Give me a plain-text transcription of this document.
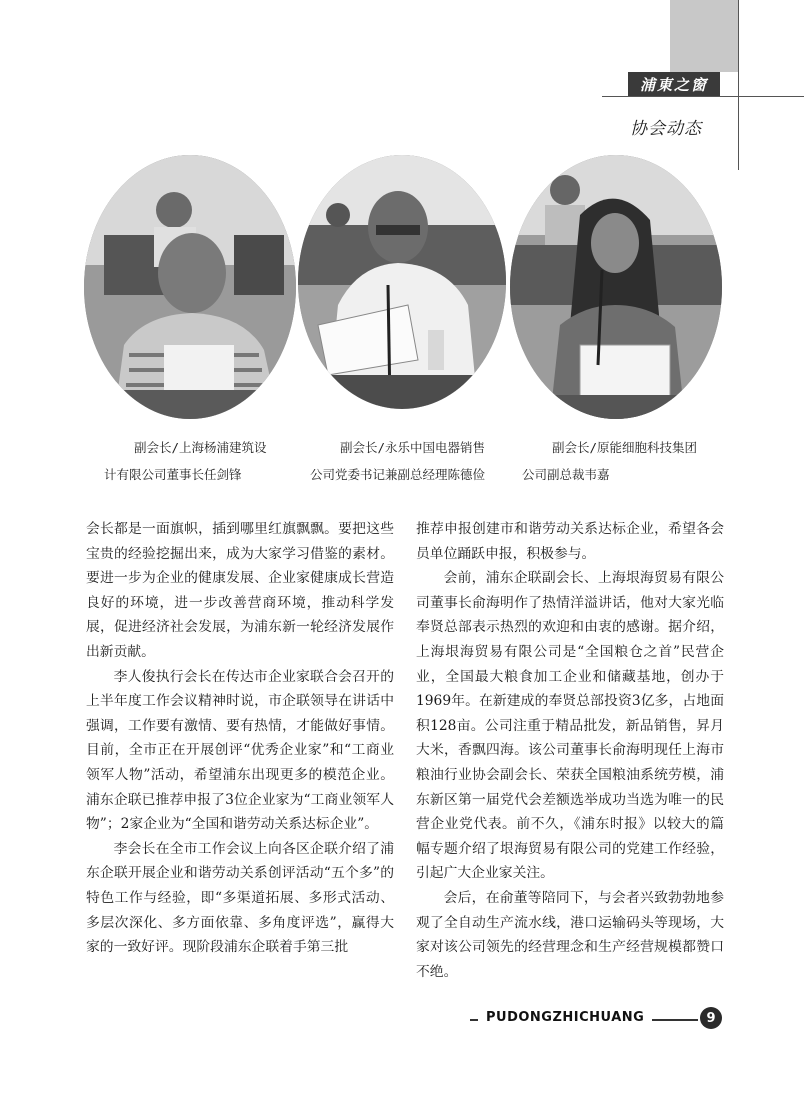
浦東之窗
协会动态
副会长/上海杨浦建筑设
计有限公司董事长任剑锋
副会长/永乐中国电器销售
公司党委书记兼副总经理陈德俭
副会长/原能细胞科技集团
公司副总裁韦嘉

会长都是一面旗帜，插到哪里红旗飘飘。要把这些宝贵的经验挖掘出来，成为大家学习借鉴的素材。要进一步为企业的健康发展、企业家健康成长营造良好的环境，进一步改善营商环境，推动科学发展，促进经济社会发展，为浦东新一轮经济发展作出新贡献。

李人俊执行会长在传达市企业家联合会召开的上半年度工作会议精神时说，市企联领导在讲话中强调，工作要有激情、要有热情，才能做好事情。目前，全市正在开展创评“优秀企业家”和“工商业领军人物”活动，希望浦东出现更多的模范企业。浦东企联已推荐申报了3位企业家为“工商业领军人物”；2家企业为“全国和谐劳动关系达标企业”。

李会长在全市工作会议上向各区企联介绍了浦东企联开展企业和谐劳动关系创评活动“五个多”的特色工作与经验，即“多渠道拓展、多形式活动、多层次深化、多方面依靠、多角度评选”，赢得大家的一致好评。现阶段浦东企联着手第三批

推荐申报创建市和谐劳动关系达标企业，希望各会员单位踊跃申报，积极参与。

会前，浦东企联副会长、上海垠海贸易有限公司董事长俞海明作了热情洋溢讲话，他对大家光临奉贤总部表示热烈的欢迎和由衷的感谢。据介绍，上海垠海贸易有限公司是“全国粮仓之首”民营企业，全国最大粮食加工企业和储藏基地，创办于1969年。在新建成的奉贤总部投资3亿多，占地面积128亩。公司注重于精品批发，新品销售，昇月大米，香飘四海。该公司董事长俞海明现任上海市粮油行业协会副会长、荣获全国粮油系统劳模，浦东新区第一届党代会差额选举成功当选为唯一的民营企业党代表。前不久，《浦东时报》以较大的篇幅专题介绍了垠海贸易有限公司的党建工作经验，引起广大企业家关注。

会后，在俞董等陪同下，与会者兴致勃勃地参观了全自动生产流水线，港口运输码头等现场，大家对该公司领先的经营理念和生产经营规模都赞口不绝。

PUDONGZHICHUANG	9
